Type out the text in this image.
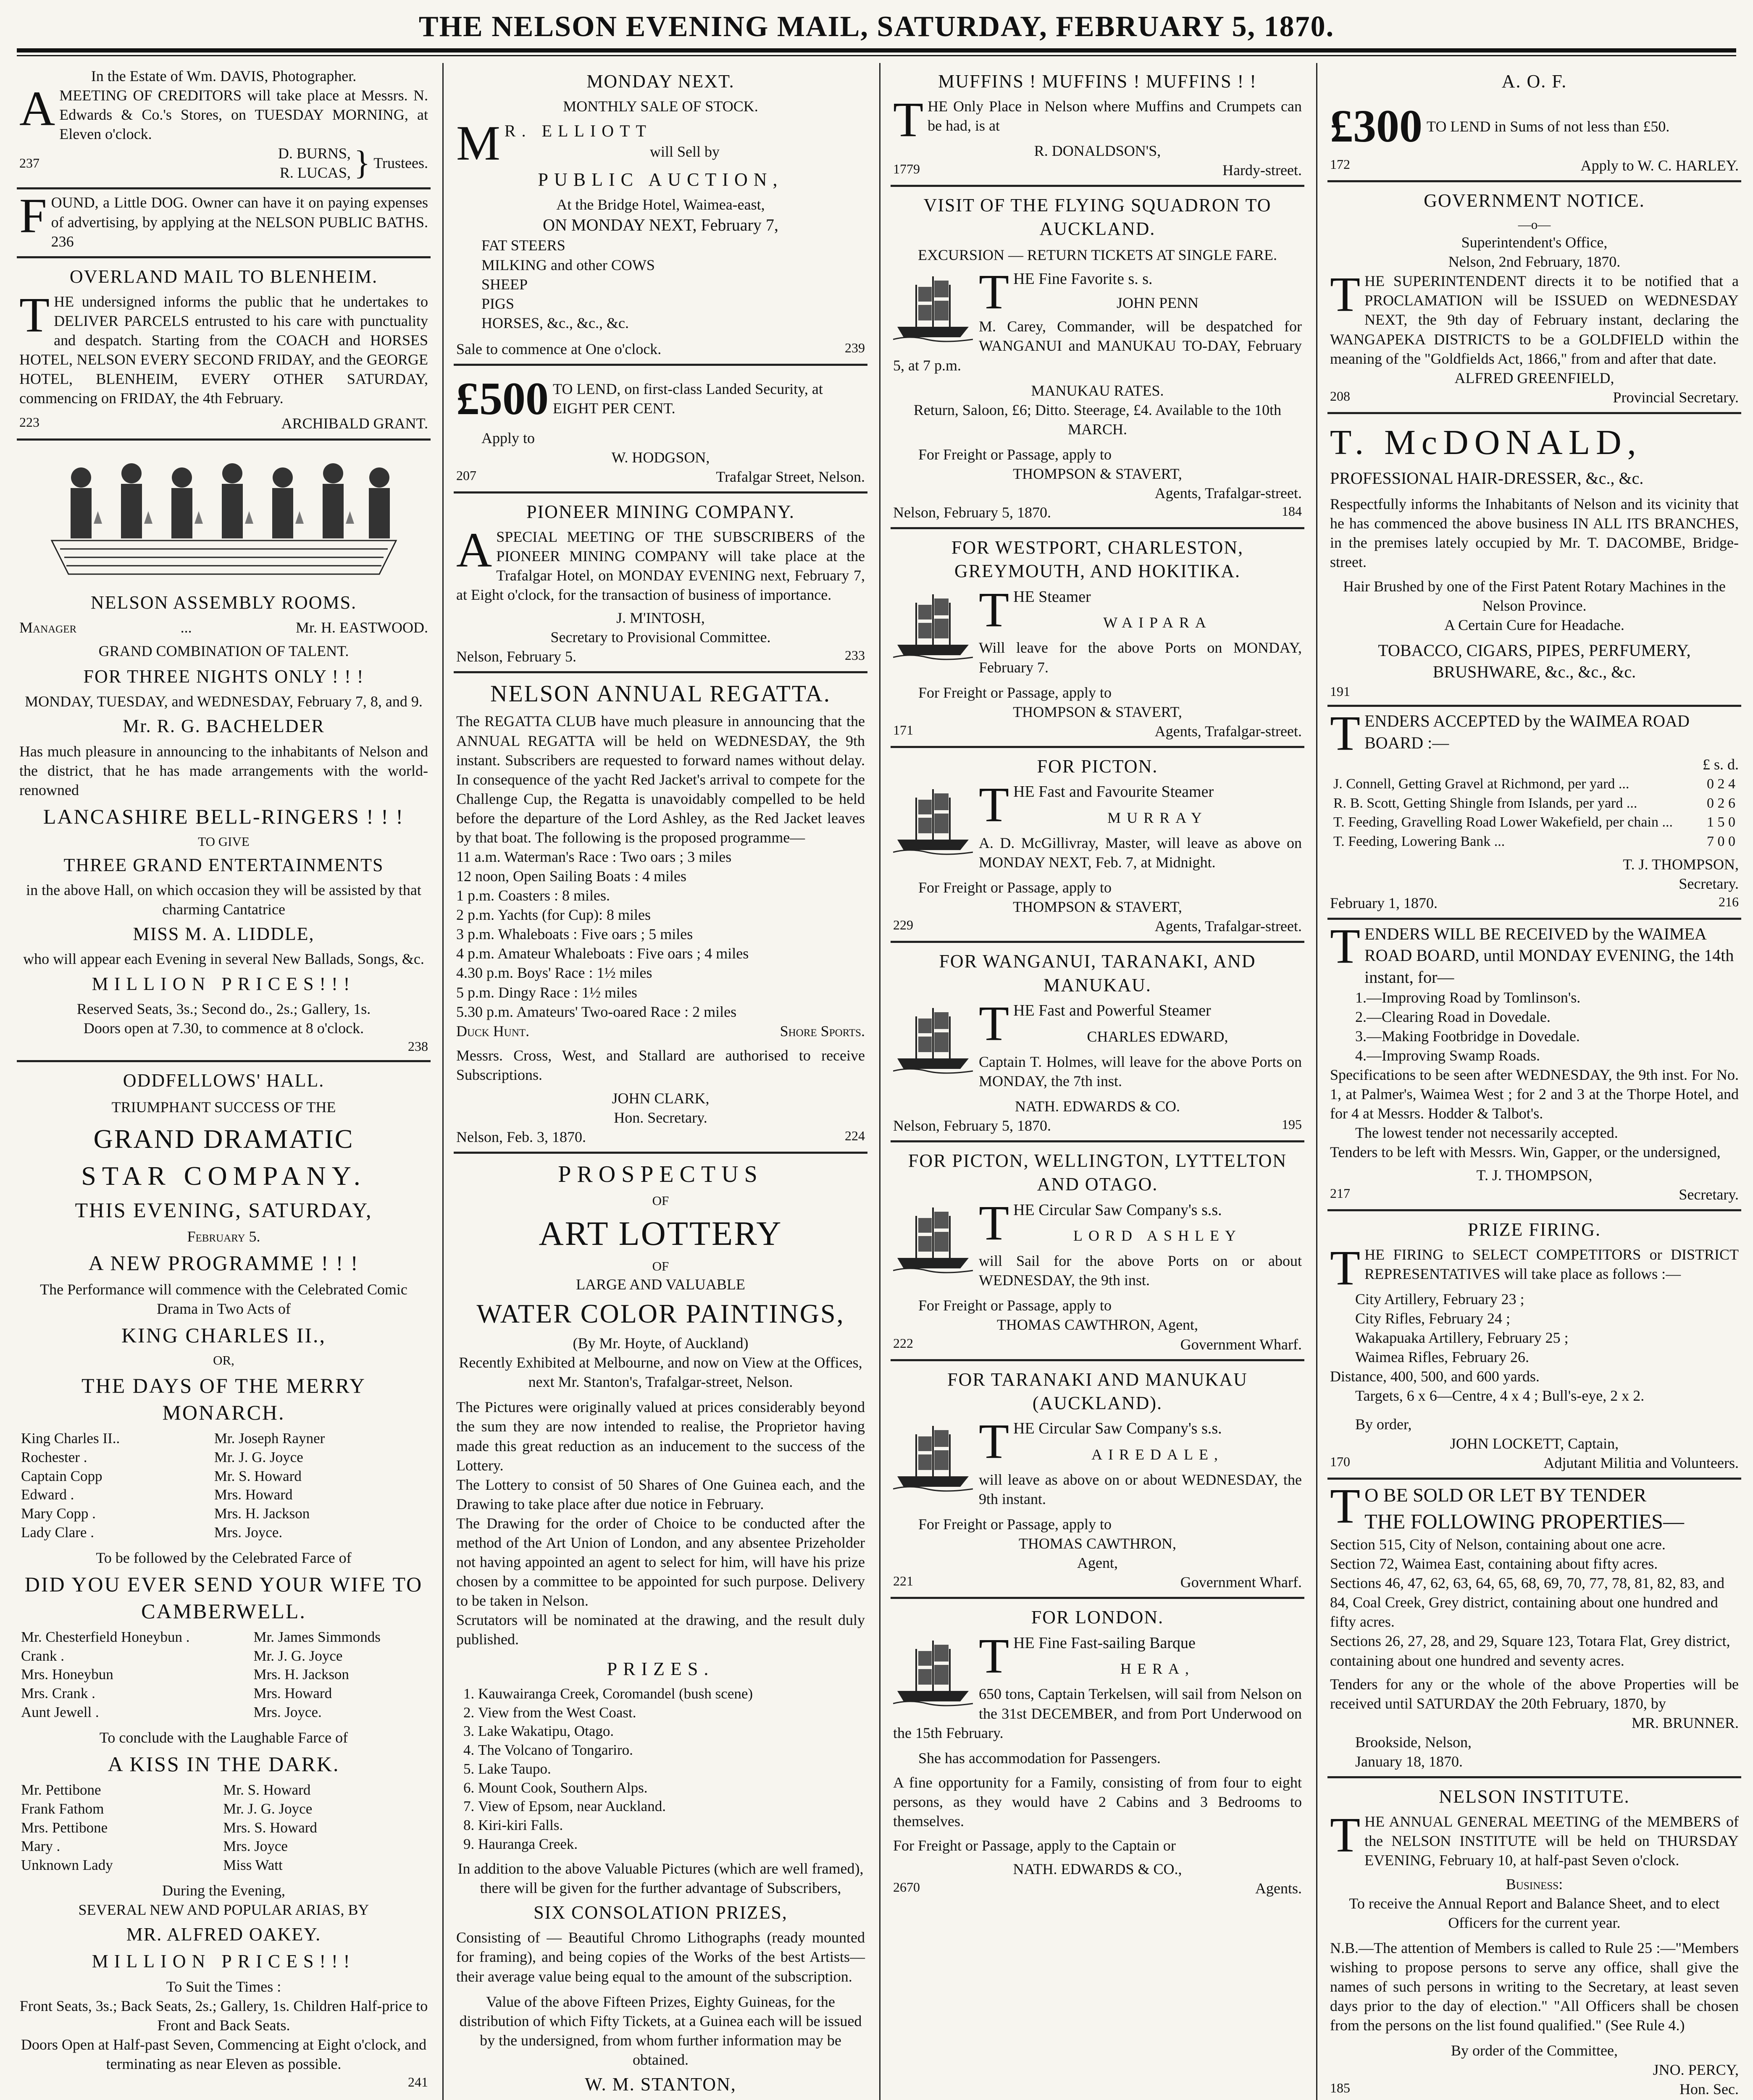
THE NELSON EVENING MAIL, SATURDAY, FEBRUARY 5, 1870.
In the Estate of Wm. DAVIS, Photographer.
AMEETING OF CREDITORS will take place at Messrs. N. Edwards & Co.'s Stores, on TUESDAY MORNING, at Eleven o'clock.
237
D. BURNS,
R. LUCAS, } Trustees.
FOUND, a Little DOG. Owner can have it on paying expenses of advertising, by applying at the NELSON PUBLIC BATHS. 236
OVERLAND MAIL TO BLENHEIM.
THE undersigned informs the public that he undertakes to DELIVER PARCELS entrusted to his care with punctuality and despatch. Starting from the COACH and HORSES HOTEL, NELSON EVERY SECOND FRIDAY, and the GEORGE HOTEL, BLENHEIM, EVERY OTHER SATURDAY, commencing on FRIDAY, the 4th February.
223	ARCHIBALD GRANT.
NELSON ASSEMBLY ROOMS.
Manager	...	Mr. H. EASTWOOD.
GRAND COMBINATION OF TALENT.
FOR THREE NIGHTS ONLY ! ! !
MONDAY, TUESDAY, and WEDNESDAY, February 7, 8, and 9.
Mr. R. G. BACHELDER
Has much pleasure in announcing to the inhabitants of Nelson and the district, that he has made arrangements with the world-renowned
LANCASHIRE BELL-RINGERS ! ! !
TO GIVE
THREE GRAND ENTERTAINMENTS
in the above Hall, on which occasion they will be assisted by that charming Cantatrice
MISS M. A. LIDDLE,
who will appear each Evening in several New Ballads, Songs, &c.
MILLION PRICES!!!
Reserved Seats, 3s.; Second do., 2s.; Gallery, 1s.
Doors open at 7.30, to commence at 8 o'clock.
238
ODDFELLOWS' HALL.
TRIUMPHANT SUCCESS OF THE
GRAND DRAMATIC
STAR COMPANY.
THIS EVENING, SATURDAY,
February 5.
A NEW PROGRAMME ! ! !
The Performance will commence with the Celebrated Comic Drama in Two Acts of
KING CHARLES II.,
OR,
THE DAYS OF THE MERRY MONARCH.
King Charles II..	Mr. Joseph Rayner
Rochester .	Mr. J. G. Joyce
Captain Copp	Mr. S. Howard
Edward .	Mrs. Howard
Mary Copp .	Mrs. H. Jackson
Lady Clare .	Mrs. Joyce.
To be followed by the Celebrated Farce of
DID YOU EVER SEND YOUR WIFE TO CAMBERWELL.
Mr. Chesterfield Honeybun .	Mr. James Simmonds
Crank .	Mr. J. G. Joyce
Mrs. Honeybun	Mrs. H. Jackson
Mrs. Crank .	Mrs. Howard
Aunt Jewell .	Mrs. Joyce.
To conclude with the Laughable Farce of
A KISS IN THE DARK.
Mr. Pettibone	Mr. S. Howard
Frank Fathom	Mr. J. G. Joyce
Mrs. Pettibone	Mrs. S. Howard
Mary .	Mrs. Joyce
Unknown Lady	Miss Watt
During the Evening,
SEVERAL NEW AND POPULAR ARIAS, BY
MR. ALFRED OAKEY.
MILLION PRICES!!!
To Suit the Times :
Front Seats, 3s.; Back Seats, 2s.; Gallery, 1s. Children Half-price to Front and Back Seats.
Doors Open at Half-past Seven, Commencing at Eight o'clock, and terminating as near Eleven as possible.
241
MONDAY NEXT.
MONTHLY SALE OF STOCK.
M R. ELLIOTT
will Sell by
PUBLIC AUCTION,
At the Bridge Hotel, Waimea-east,
ON MONDAY NEXT, February 7,
FAT STEERS
MILKING and other COWS
SHEEP
PIGS
HORSES, &c., &c., &c.
Sale to commence at One o'clock.	239
£500 TO LEND, on first-class Landed Security, at EIGHT PER CENT.
Apply to
W. HODGSON,
207	Trafalgar Street, Nelson.
PIONEER MINING COMPANY.
ASPECIAL MEETING OF THE SUBSCRIBERS of the PIONEER MINING COMPANY will take place at the Trafalgar Hotel, on MONDAY EVENING next, February 7, at Eight o'clock, for the transaction of business of importance.
J. M'INTOSH,
Secretary to Provisional Committee.
Nelson, February 5.	233
NELSON ANNUAL REGATTA.
The REGATTA CLUB have much pleasure in announcing that the ANNUAL REGATTA will be held on WEDNESDAY, the 9th instant. Subscribers are requested to forward names without delay. In consequence of the yacht Red Jacket's arrival to compete for the Challenge Cup, the Regatta is unavoidably compelled to be held before the departure of the Lord Ashley, as the Red Jacket leaves by that boat. The following is the proposed programme—
11 a.m. Waterman's Race : Two oars ; 3 miles
12 noon, Open Sailing Boats : 4 miles
1 p.m. Coasters : 8 miles.
2 p.m. Yachts (for Cup): 8 miles
3 p.m. Whaleboats : Five oars ; 5 miles
4 p.m. Amateur Whaleboats : Five oars ; 4 miles
4.30 p.m. Boys' Race : 1½ miles
5 p.m. Dingy Race : 1½ miles
5.30 p.m. Amateurs' Two-oared Race : 2 miles
Duck Hunt.	Shore Sports.
Messrs. Cross, West, and Stallard are authorised to receive Subscriptions.
JOHN CLARK,
Hon. Secretary.
Nelson, Feb. 3, 1870.	224
PROSPECTUS
OF
ART LOTTERY
OF
LARGE AND VALUABLE
WATER COLOR PAINTINGS,
(By Mr. Hoyte, of Auckland)
Recently Exhibited at Melbourne, and now on View at the Offices, next Mr. Stanton's, Trafalgar-street, Nelson.
The Pictures were originally valued at prices considerably beyond the sum they are now intended to realise, the Proprietor having made this great reduction as an inducement to the success of the Lottery.
The Lottery to consist of 50 Shares of One Guinea each, and the Drawing to take place after due notice in February.
The Drawing for the order of Choice to be conducted after the method of the Art Union of London, and any absentee Prizeholder not having appointed an agent to select for him, will have his prize chosen by a committee to be appointed for such purpose. Delivery to be taken in Nelson.
Scrutators will be nominated at the drawing, and the result duly published.
PRIZES.
1. Kauwairanga Creek, Coromandel (bush scene)
2. View from the West Coast.
3. Lake Wakatipu, Otago.
4. The Volcano of Tongariro.
5. Lake Taupo.
6. Mount Cook, Southern Alps.
7. View of Epsom, near Auckland.
8. Kiri-kiri Falls.
9. Hauranga Creek.
In addition to the above Valuable Pictures (which are well framed), there will be given for the further advantage of Subscribers,
SIX CONSOLATION PRIZES,
Consisting of — Beautiful Chromo Lithographs (ready mounted for framing), and being copies of the Works of the best Artists—their average value being equal to the amount of the subscription.
Value of the above Fifteen Prizes, Eighty Guineas, for the distribution of which Fifty Tickets, at a Guinea each will be issued by the undersigned, from whom further information may be obtained.
W. M. STANTON,
MUFFINS ! MUFFINS ! MUFFINS ! !
THE Only Place in Nelson where Muffins and Crumpets can be had, is at
R. DONALDSON'S,
1779	Hardy-street.
VISIT OF THE FLYING SQUADRON TO AUCKLAND.
EXCURSION — RETURN TICKETS AT SINGLE FARE.
THE Fine Favorite s. s.
JOHN PENN
M. Carey, Commander, will be despatched for WANGANUI and MANUKAU TO-DAY, February 5, at 7 p.m.
MANUKAU RATES.
Return, Saloon, £6; Ditto. Steerage, £4. Available to the 10th MARCH.
For Freight or Passage, apply to
THOMPSON & STAVERT,
Agents, Trafalgar-street.
Nelson, February 5, 1870.	184
FOR WESTPORT, CHARLESTON, GREYMOUTH, AND HOKITIKA.
THE Steamer
WAIPARA
Will leave for the above Ports on MONDAY, February 7.
For Freight or Passage, apply to
THOMPSON & STAVERT,
171	Agents, Trafalgar-street.
FOR PICTON.
THE Fast and Favourite Steamer
MURRAY
A. D. McGillivray, Master, will leave as above on MONDAY NEXT, Feb. 7, at Midnight.
For Freight or Passage, apply to
THOMPSON & STAVERT,
229	Agents, Trafalgar-street.
FOR WANGANUI, TARANAKI, AND MANUKAU.
THE Fast and Powerful Steamer
CHARLES EDWARD,
Captain T. Holmes, will leave for the above Ports on MONDAY, the 7th inst.
NATH. EDWARDS & CO.
Nelson, February 5, 1870.	195
FOR PICTON, WELLINGTON, LYTTELTON AND OTAGO.
THE Circular Saw Company's s.s.
LORD ASHLEY
will Sail for the above Ports on or about WEDNESDAY, the 9th inst.
For Freight or Passage, apply to
THOMAS CAWTHRON, Agent,
222	Government Wharf.
FOR TARANAKI AND MANUKAU (AUCKLAND).
THE Circular Saw Company's s.s.
AIREDALE,
will leave as above on or about WEDNESDAY, the 9th instant.
For Freight or Passage, apply to
THOMAS CAWTHRON,
Agent,
221	Government Wharf.
FOR LONDON.
THE Fine Fast-sailing Barque
HERA,
650 tons, Captain Terkelsen, will sail from Nelson on the 31st DECEMBER, and from Port Underwood on the 15th February.
She has accommodation for Passengers.
A fine opportunity for a Family, consisting of from four to eight persons, as they would have 2 Cabins and 3 Bedrooms to themselves.
For Freight or Passage, apply to the Captain or
NATH. EDWARDS & CO.,
2670	Agents.
A. O. F.
£300 TO LEND in Sums of not less than £50.
172	Apply to W. C. HARLEY.
GOVERNMENT NOTICE.
—o—
Superintendent's Office,
Nelson, 2nd February, 1870.
THE SUPERINTENDENT directs it to be notified that a PROCLAMATION will be ISSUED on WEDNESDAY NEXT, the 9th day of February instant, declaring the WANGAPEKA DISTRICTS to be a GOLDFIELD within the meaning of the "Goldfields Act, 1866," from and after that date.
ALFRED GREENFIELD,
208	Provincial Secretary.
T. McDONALD,
PROFESSIONAL HAIR-DRESSER, &c., &c.
Respectfully informs the Inhabitants of Nelson and its vicinity that he has commenced the above business IN ALL ITS BRANCHES, in the premises lately occupied by Mr. T. DACOMBE, Bridge-street.
Hair Brushed by one of the First Patent Rotary Machines in the Nelson Province.
A Certain Cure for Headache.
TOBACCO, CIGARS, PIPES, PERFUMERY, BRUSHWARE, &c., &c., &c.
191
TENDERS ACCEPTED by the WAIMEA ROAD BOARD :—
£ s. d.
J. Connell, Getting Gravel at Richmond, per yard ...	0 2 4
R. B. Scott, Getting Shingle from Islands, per yard ...	0 2 6
T. Feeding, Gravelling Road Lower Wakefield, per chain ...	1 5 0
T. Feeding, Lowering Bank ...	7 0 0
T. J. THOMPSON,
Secretary.
February 1, 1870.	216
TENDERS WILL BE RECEIVED by the WAIMEA ROAD BOARD, until MONDAY EVENING, the 14th instant, for—
1.—Improving Road by Tomlinson's.
2.—Clearing Road in Dovedale.
3.—Making Footbridge in Dovedale.
4.—Improving Swamp Roads.
Specifications to be seen after WEDNESDAY, the 9th inst. For No. 1, at Palmer's, Waimea West ; for 2 and 3 at the Thorpe Hotel, and for 4 at Messrs. Hodder & Talbot's.
The lowest tender not necessarily accepted.
Tenders to be left with Messrs. Win, Gapper, or the undersigned,
T. J. THOMPSON,
217	Secretary.
PRIZE FIRING.
THE FIRING to SELECT COMPETITORS or DISTRICT REPRESENTATIVES will take place as follows :—
City Artillery, February 23 ;
City Rifles, February 24 ;
Wakapuaka Artillery, February 25 ;
Waimea Rifles, February 26.
Distance, 400, 500, and 600 yards.
Targets, 6 x 6—Centre, 4 x 4 ; Bull's-eye, 2 x 2.
By order,
JOHN LOCKETT, Captain,
170	Adjutant Militia and Volunteers.
T O BE SOLD OR LET BY TENDER
THE FOLLOWING PROPERTIES—
Section 515, City of Nelson, containing about one acre.
Section 72, Waimea East, containing about fifty acres.
Sections 46, 47, 62, 63, 64, 65, 68, 69, 70, 77, 78, 81, 82, 83, and 84, Coal Creek, Grey district, containing about one hundred and fifty acres.
Sections 26, 27, 28, and 29, Square 123, Totara Flat, Grey district, containing about one hundred and seventy acres.
Tenders for any or the whole of the above Properties will be received until SATURDAY the 20th February, 1870, by
MR. BRUNNER.
Brookside, Nelson,
January 18, 1870.
NELSON INSTITUTE.
THE ANNUAL GENERAL MEETING of the MEMBERS of the NELSON INSTITUTE will be held on THURSDAY EVENING, February 10, at half-past Seven o'clock.
Business:
To receive the Annual Report and Balance Sheet, and to elect Officers for the current year.
N.B.—The attention of Members is called to Rule 25 :—"Members wishing to propose persons to serve any office, shall give the names of such persons in writing to the Secretary, at least seven days prior to the day of election." "All Officers shall be chosen from the persons on the list found qualified." (See Rule 4.)
By order of the Committee,
JNO. PERCY,
185	Hon. Sec.
